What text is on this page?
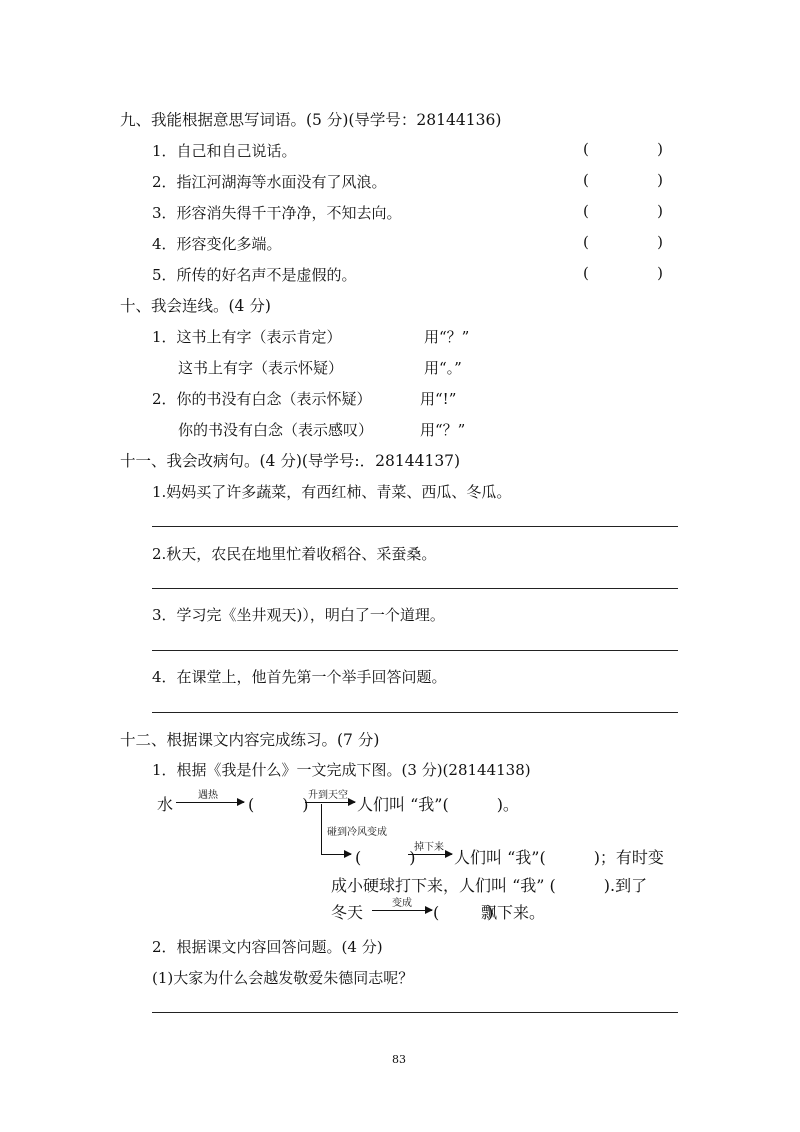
九、我能根据意思写词语。(5 分)(导学号：28144136)
1．自己和自己说话。	(	)
2．指江河湖海等水面没有了风浪。	(	)
3．形容消失得千干净净，不知去向。	(	)
4．形容变化多端。	(	)
5．所传的好名声不是虚假的。	(	)
十、我会连线。(4 分)
1．这书上有字（表示肯定）	用“？”
这书上有字（表示怀疑）	用“。”
2．你的书没有白念（表示怀疑）	用“!”
你的书没有白念（表示感叹）	用“？”
十一、我会改病句。(4 分)(导学号:．28144137)
1.妈妈买了许多蔬菜，有西红柿、青菜、西瓜、冬瓜。
2.秋天，农民在地里忙着收稻谷、采蚕桑。
3．学习完《坐井观天)），明白了一个道理。
4．在课堂上，他首先第一个举手回答问题。
十二、根据课文内容完成练习。(7 分)
1．根据《我是什么》一文完成下图。(3 分)(28144138)
水 遇热 (　　　) 升到天空 人们叫 “我”(　　　)。
碰到冷风变成
(　　　)
掉下来
人们叫 “我”(　　　)；有时变
成小硬球打下来，人们叫 “我” (　　　).到了
冬天	变成 (　　　)
飘下来。
2．根据课文内容回答问题。(4 分)
(1)大家为什么会越发敬爱朱德同志呢？
83
